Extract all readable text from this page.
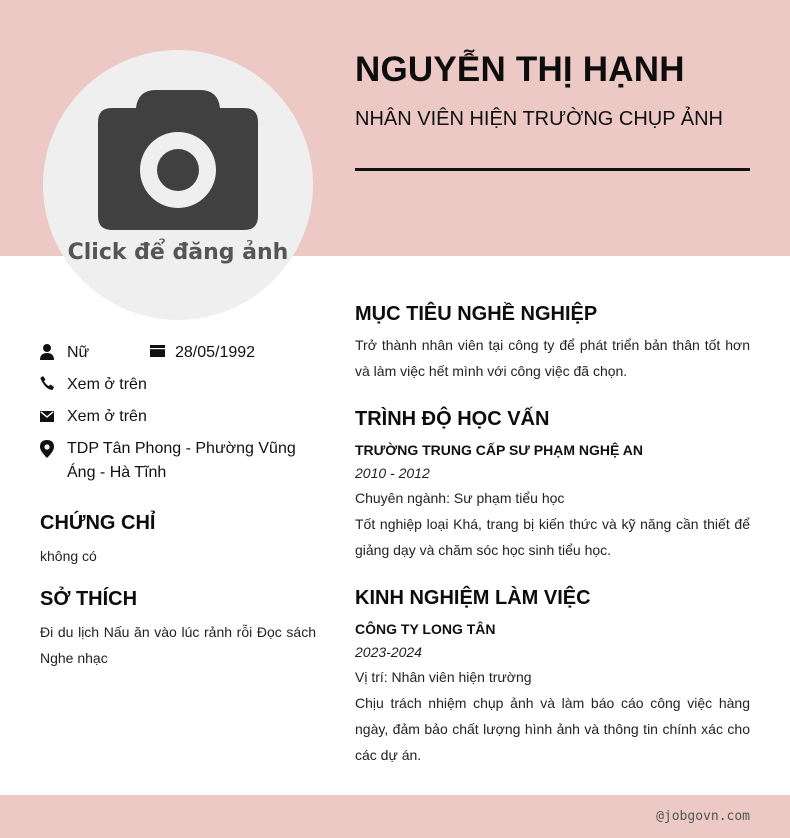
Click để đăng ảnh
NGUYỄN THỊ HẠNH
NHÂN VIÊN HIỆN TRƯỜNG CHỤP ẢNH
Nữ	28/05/1992
Xem ở trên
Xem ở trên
TDP Tân Phong - Phường Vũng Áng - Hà Tĩnh
CHỨNG CHỈ
không có
SỞ THÍCH
Đi du lịch Nấu ăn vào lúc rảnh rỗi Đọc sách Nghe nhạc
MỤC TIÊU NGHỀ NGHIỆP
Trở thành nhân viên tại công ty để phát triển bản thân tốt hơn và làm việc hết mình với công việc đã chọn.
TRÌNH ĐỘ HỌC VẤN
TRƯỜNG TRUNG CẤP SƯ PHẠM NGHỆ AN
2010 - 2012
Chuyên ngành: Sư phạm tiểu học
Tốt nghiệp loại Khá, trang bị kiến thức và kỹ năng cần thiết để giảng dạy và chăm sóc học sinh tiểu học.
KINH NGHIỆM LÀM VIỆC
CÔNG TY LONG TÂN
2023-2024
Vị trí: Nhân viên hiện trường
Chịu trách nhiệm chụp ảnh và làm báo cáo công việc hàng ngày, đảm bảo chất lượng hình ảnh và thông tin chính xác cho các dự án.
@jobgovn.com
